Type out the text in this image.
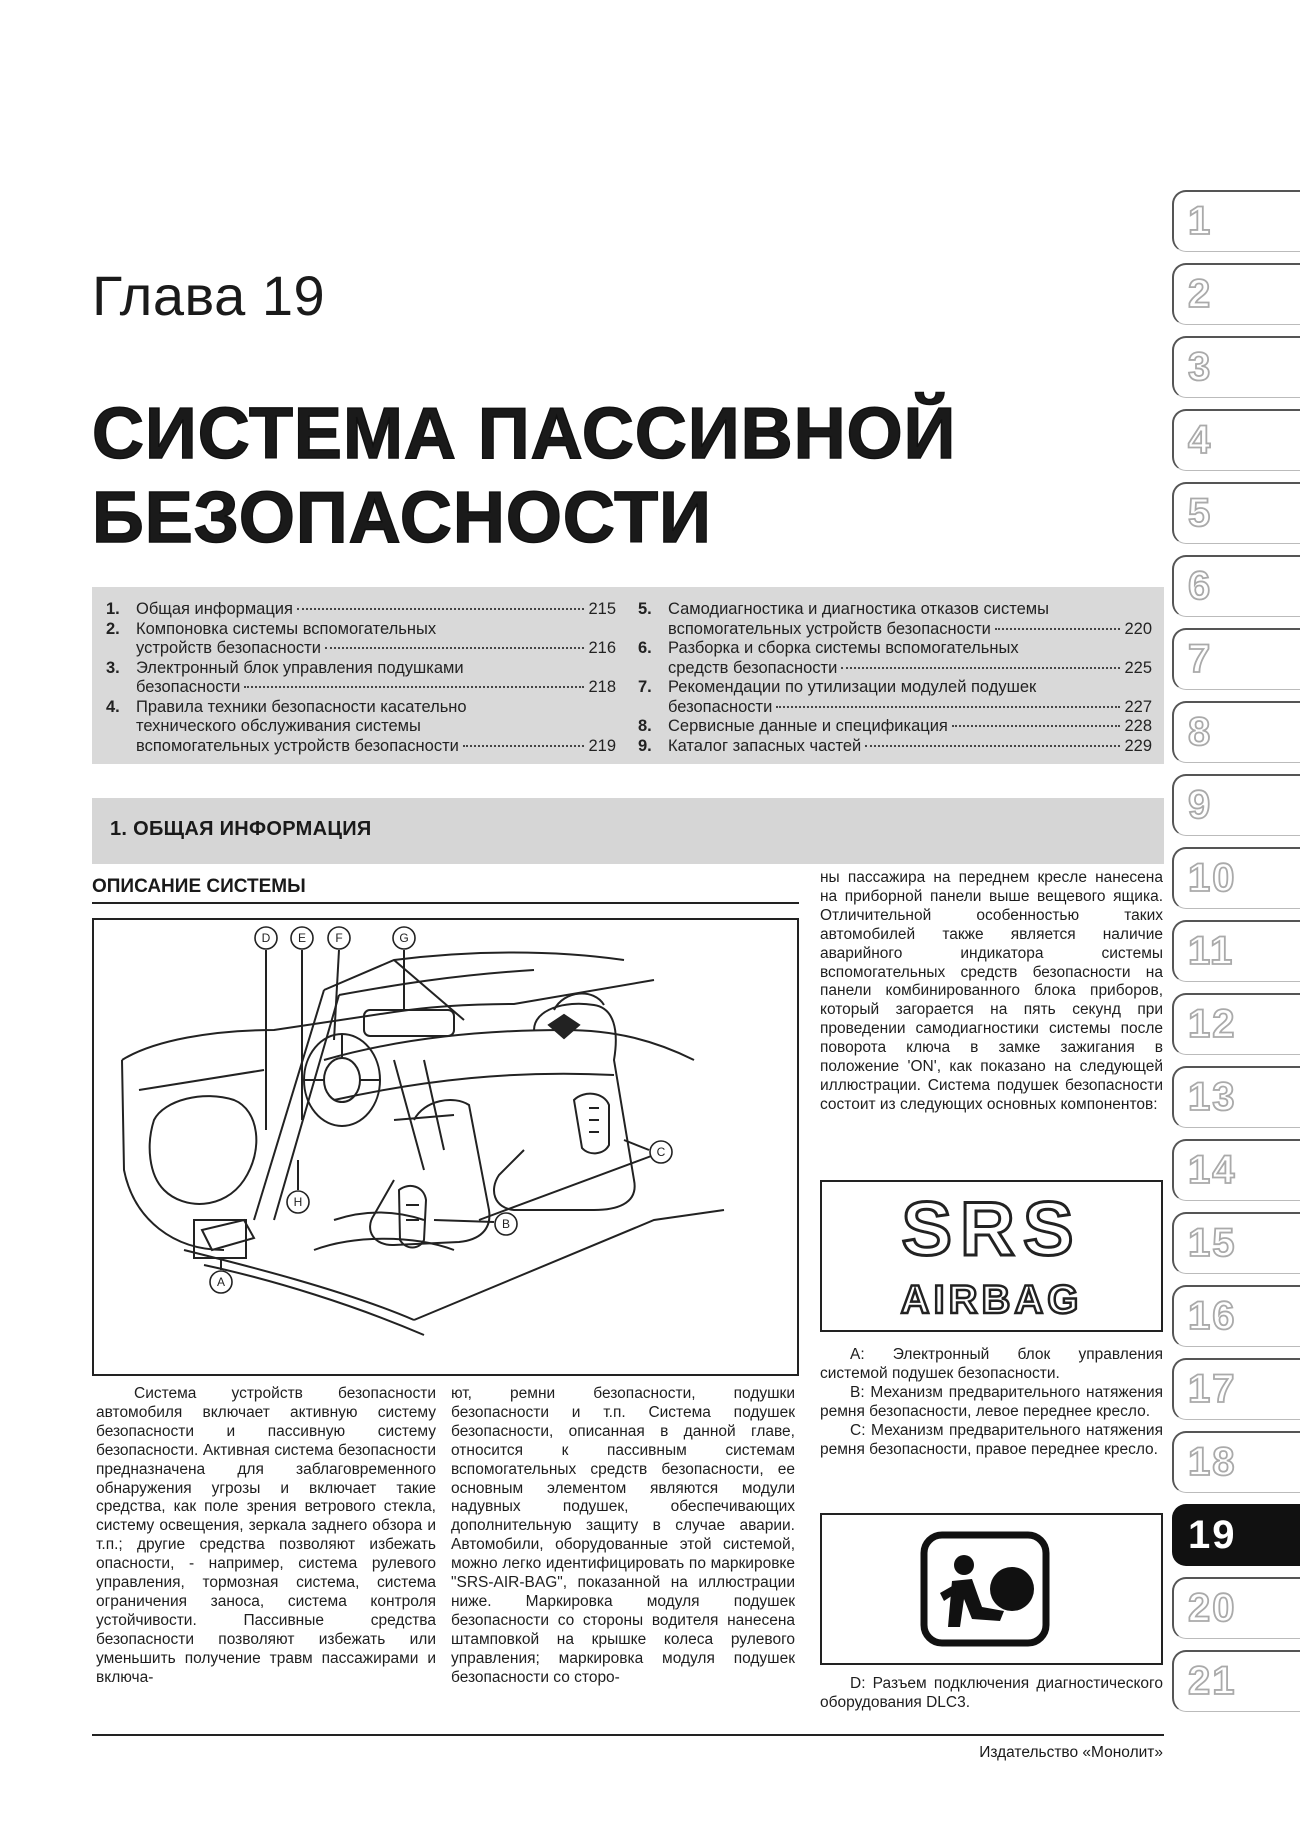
Глава 19
СИСТЕМА ПАССИВНОЙ
БЕЗОПАСНОСТИ
1. Общая информация	215
2. Компоновка системы вспомогательных
устройств безопасности	216
3. Электронный блок управления подушками
безопасности	218
4. Правила техники безопасности касательно
технического обслуживания системы
вспомогательных устройств безопасности	219
5. Самодиагностика и диагностика отказов системы
вспомогательных устройств безопасности	220
6. Разборка и сборка системы вспомогательных
средств безопасности	225
7. Рекомендации по утилизации модулей подушек
безопасности	227
8. Сервисные данные и спецификация	228
9. Каталог запасных частей	229
1. ОБЩАЯ ИНФОРМАЦИЯ
ОПИСАНИЕ СИСТЕМЫ
D E F	G
H
C
B
A
Система устройств безопасности автомобиля включает активную систему безопасности и пассивную систему безопасности. Активная система безопасности предназначена для заблаговременного обнаружения угрозы и включает такие средства, как поле зрения ветрового стекла, систему освещения, зеркала заднего обзора и т.п.; другие средства позволяют избежать опасности, - например, система рулевого управления, тормозная система, система ограничения заноса, система контроля устойчивости. Пассивные средства безопасности позволяют избежать или уменьшить получение травм пассажирами и включа-
ют, ремни безопасности, подушки безопасности и т.п. Система подушек безопасности, описанная в данной главе, относится к пассивным системам вспомогательных средств безопасности, ее основным элементом являются модули надувных подушек, обеспечивающих дополнительную защиту в случае аварии. Автомобили, оборудованные этой системой, можно легко идентифицировать по маркировке "SRS-AIR-BAG", показанной на иллюстрации ниже. Маркировка модуля подушек безопасности со стороны водителя нанесена штамповкой на крышке колеса рулевого управления; маркировка модуля подушек безопасности со сторо-
ны пассажира на переднем кресле нанесена на приборной панели выше вещевого ящика. Отличительной особенностью таких автомобилей также является наличие аварийного индикатора системы вспомогательных средств безопасности на панели комбинированного блока приборов, который загорается на пять секунд при проведении самодиагностики системы после поворота ключа в замке зажигания в положение 'ON', как показано на следующей иллюстрации. Система подушек безопасности состоит из следующих основных компонентов:
SRS
AIRBAG

A: Электронный блок управления системой подушек безопасности.

B: Механизм предварительного натяжения ремня безопасности, левое переднее кресло.

C: Механизм предварительного натяжения ремня безопасности, правое переднее кресло.

D: Разъем подключения диагностического оборудования DLC3.
Издательство «Монолит»
1
2
3
4
5
6
7
8
9
10
11
12
13
14
15
16
17
18
19
20
21
